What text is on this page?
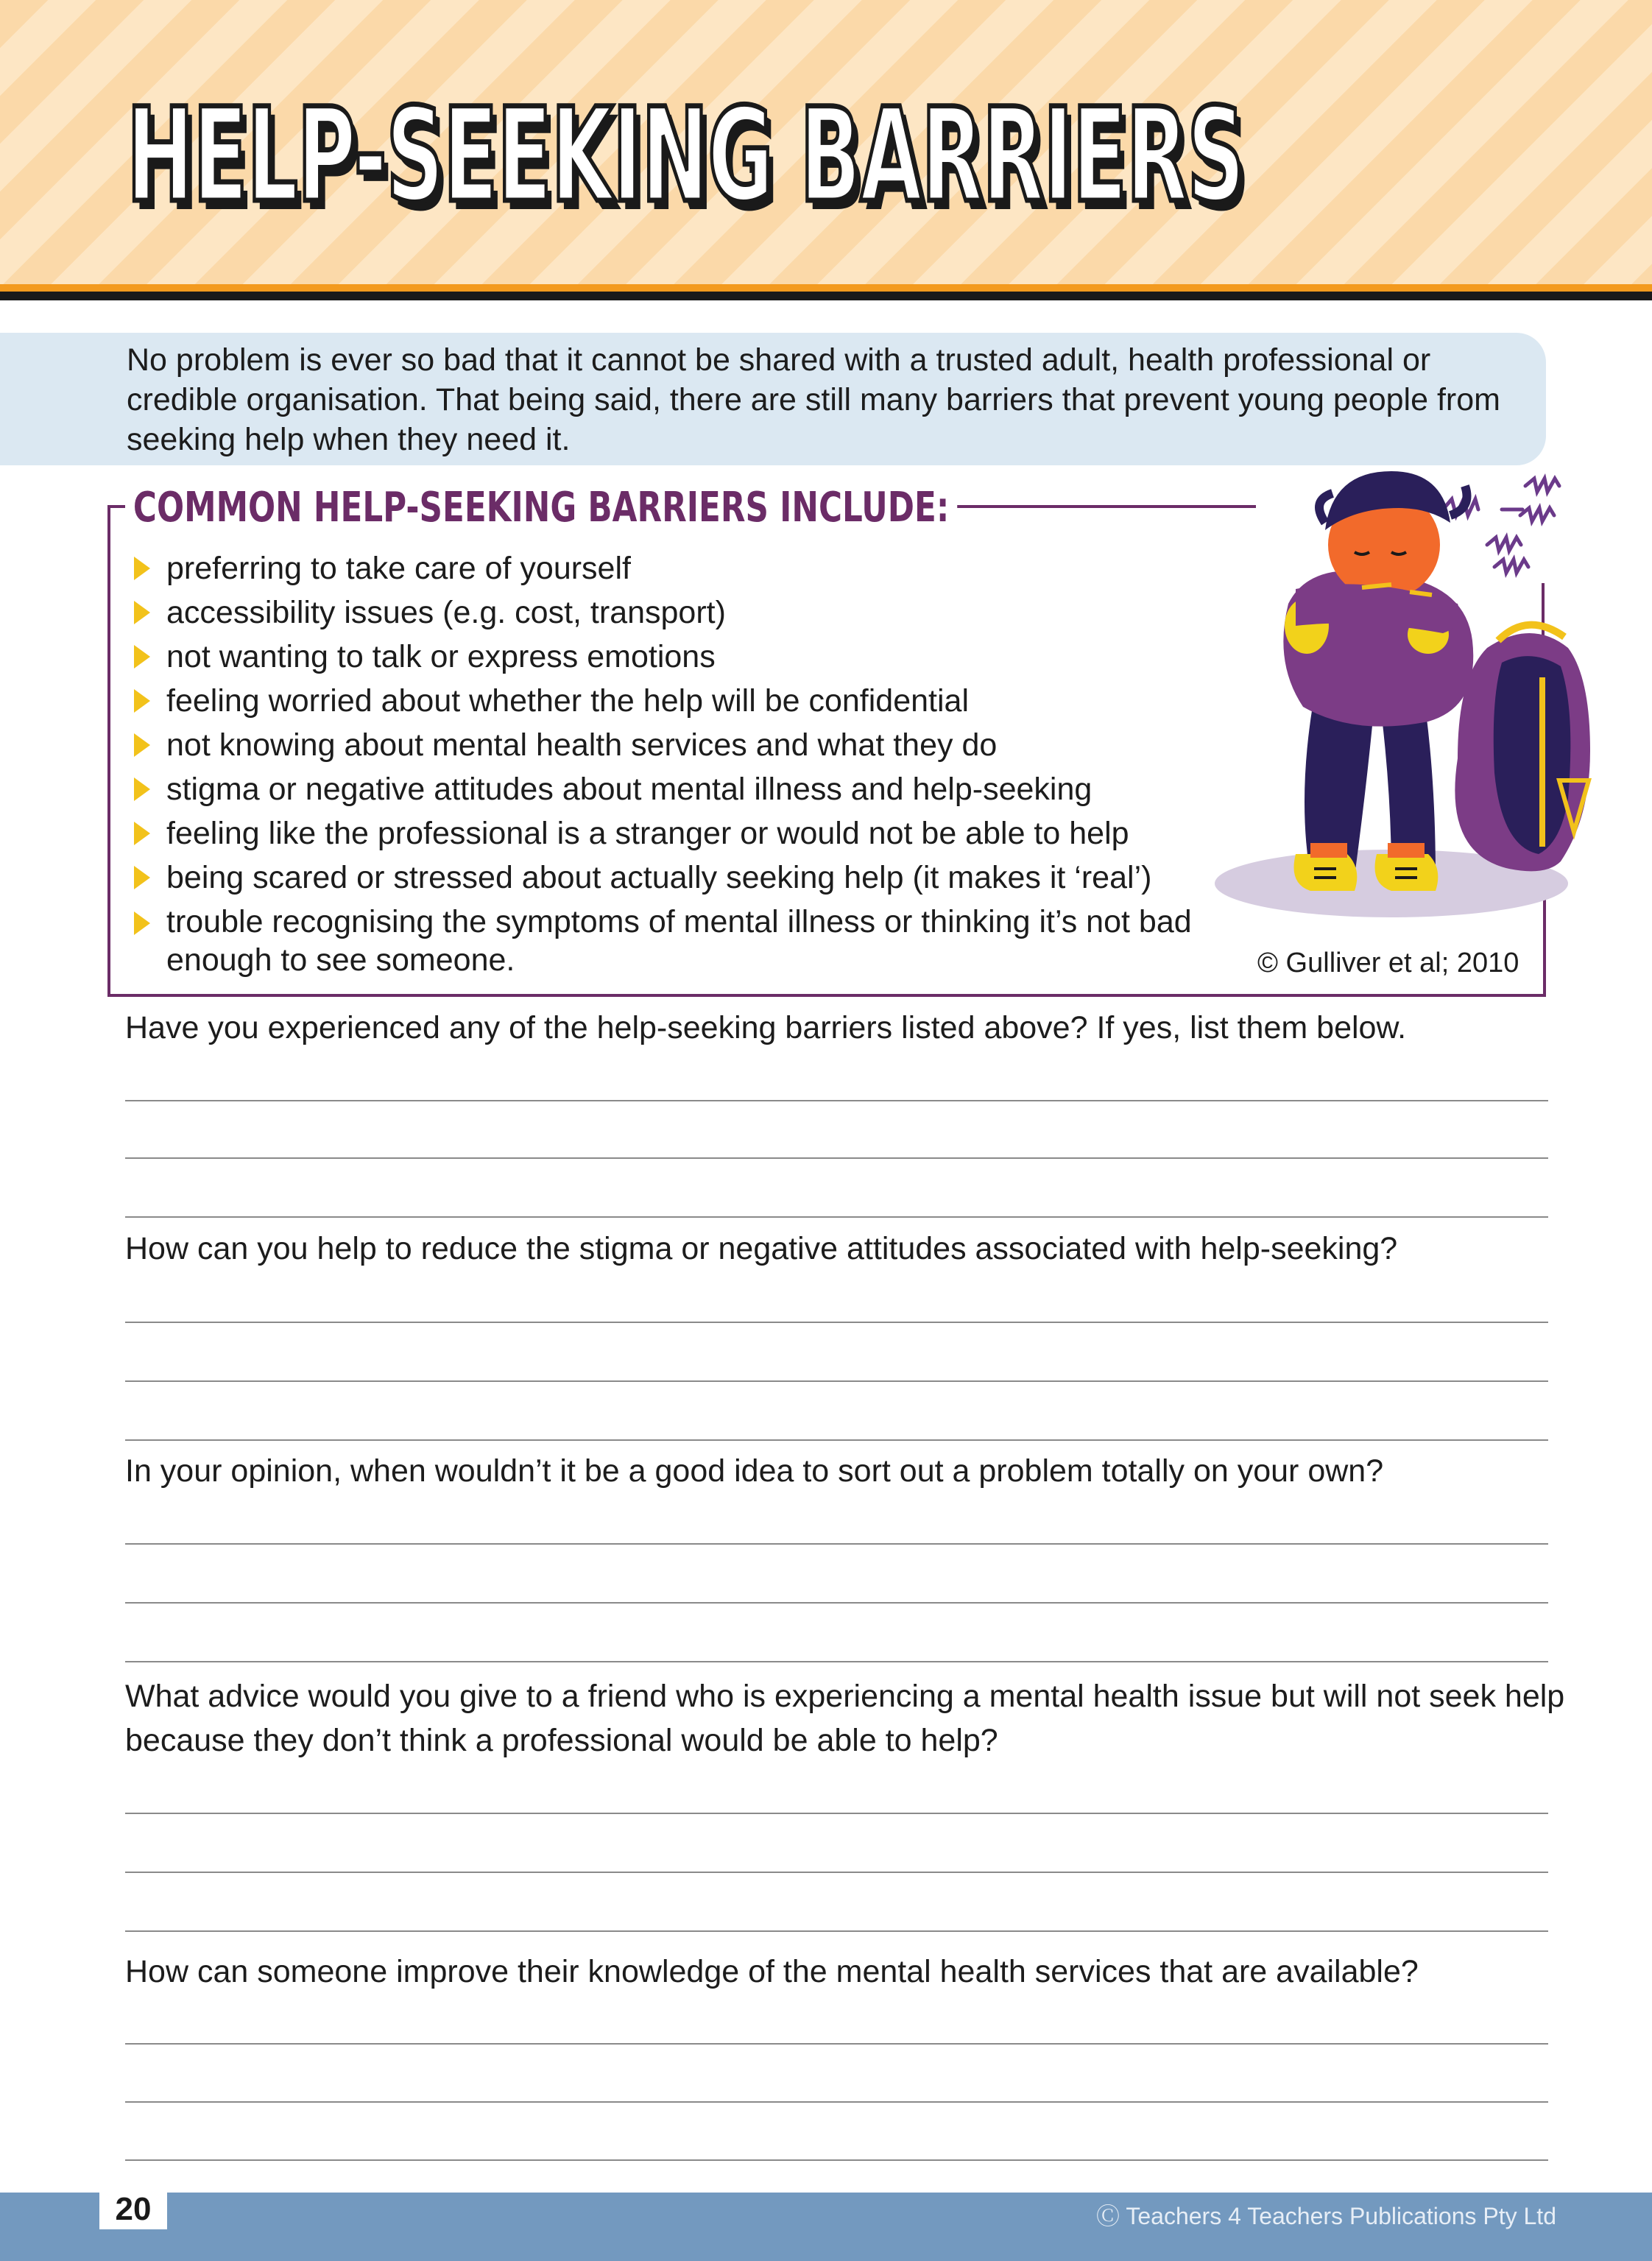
HELP-SEEKING BARRIERS

No problem is ever so bad that it cannot be shared with a trusted adult, health professional or credible organisation. That being said, there are still many barriers that prevent young people from seeking help when they need it.

COMMON HELP-SEEKING BARRIERS INCLUDE:
preferring to take care of yourself
accessibility issues (e.g. cost, transport)
not wanting to talk or express emotions
feeling worried about whether the help will be confidential
not knowing about mental health services and what they do
stigma or negative attitudes about mental illness and help-seeking
feeling like the professional is a stranger or would not be able to help
being scared or stressed about actually seeking help (it makes it ‘real’)
trouble recognising the symptoms of mental illness or thinking it’s not bad enough to see someone.	© Gulliver et al; 2010

Have you experienced any of the help-seeking barriers listed above? If yes, list them below.

How can you help to reduce the stigma or negative attitudes associated with help-seeking?

In your opinion, when wouldn’t it be a good idea to sort out a problem totally on your own?

What advice would you give to a friend who is experiencing a mental health issue but will not seek help because they don’t think a professional would be able to help?

How can someone improve their knowledge of the mental health services that are available?

20	Ⓒ Teachers 4 Teachers Publications Pty Ltd
